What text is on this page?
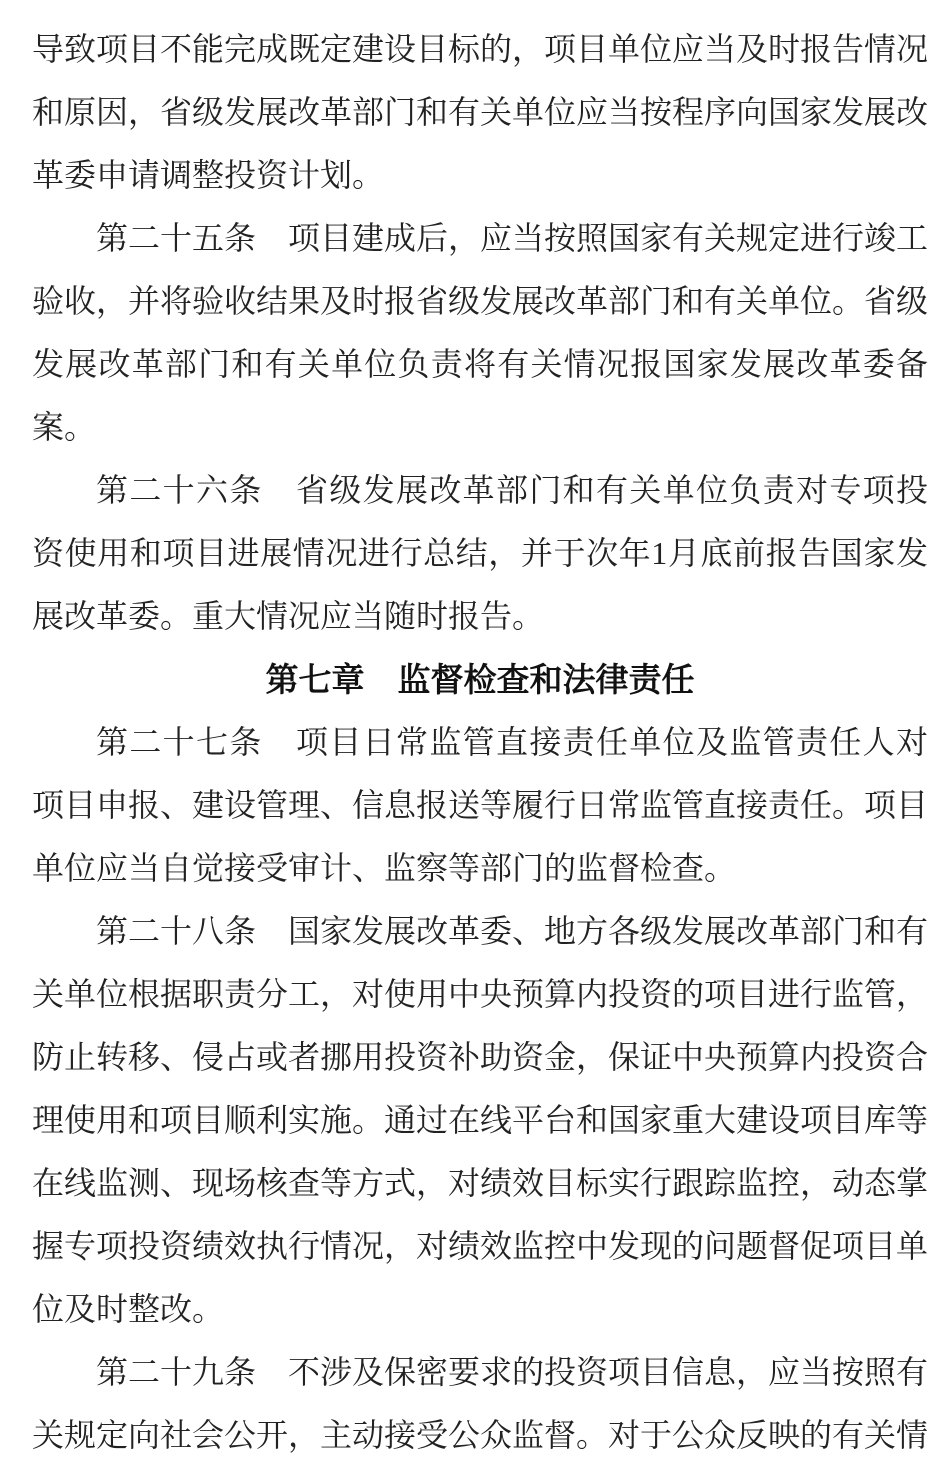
导致项目不能完成既定建设目标的，项目单位应当及时报告情况
和原因，省级发展改革部门和有关单位应当按程序向国家发展改
革委申请调整投资计划。
第二十五条　项目建成后，应当按照国家有关规定进行竣工
验收，并将验收结果及时报省级发展改革部门和有关单位。省级
发展改革部门和有关单位负责将有关情况报国家发展改革委备
案。
第二十六条　省级发展改革部门和有关单位负责对专项投
资使用和项目进展情况进行总结，并于次年1月底前报告国家发
展改革委。重大情况应当随时报告。
第七章　监督检查和法律责任
第二十七条　项目日常监管直接责任单位及监管责任人对
项目申报、建设管理、信息报送等履行日常监管直接责任。项目
单位应当自觉接受审计、监察等部门的监督检查。
第二十八条　国家发展改革委、地方各级发展改革部门和有
关单位根据职责分工，对使用中央预算内投资的项目进行监管，
防止转移、侵占或者挪用投资补助资金，保证中央预算内投资合
理使用和项目顺利实施。通过在线平台和国家重大建设项目库等
在线监测、现场核查等方式，对绩效目标实行跟踪监控，动态掌
握专项投资绩效执行情况，对绩效监控中发现的问题督促项目单
位及时整改。
第二十九条　不涉及保密要求的投资项目信息，应当按照有
关规定向社会公开，主动接受公众监督。对于公众反映的有关情
